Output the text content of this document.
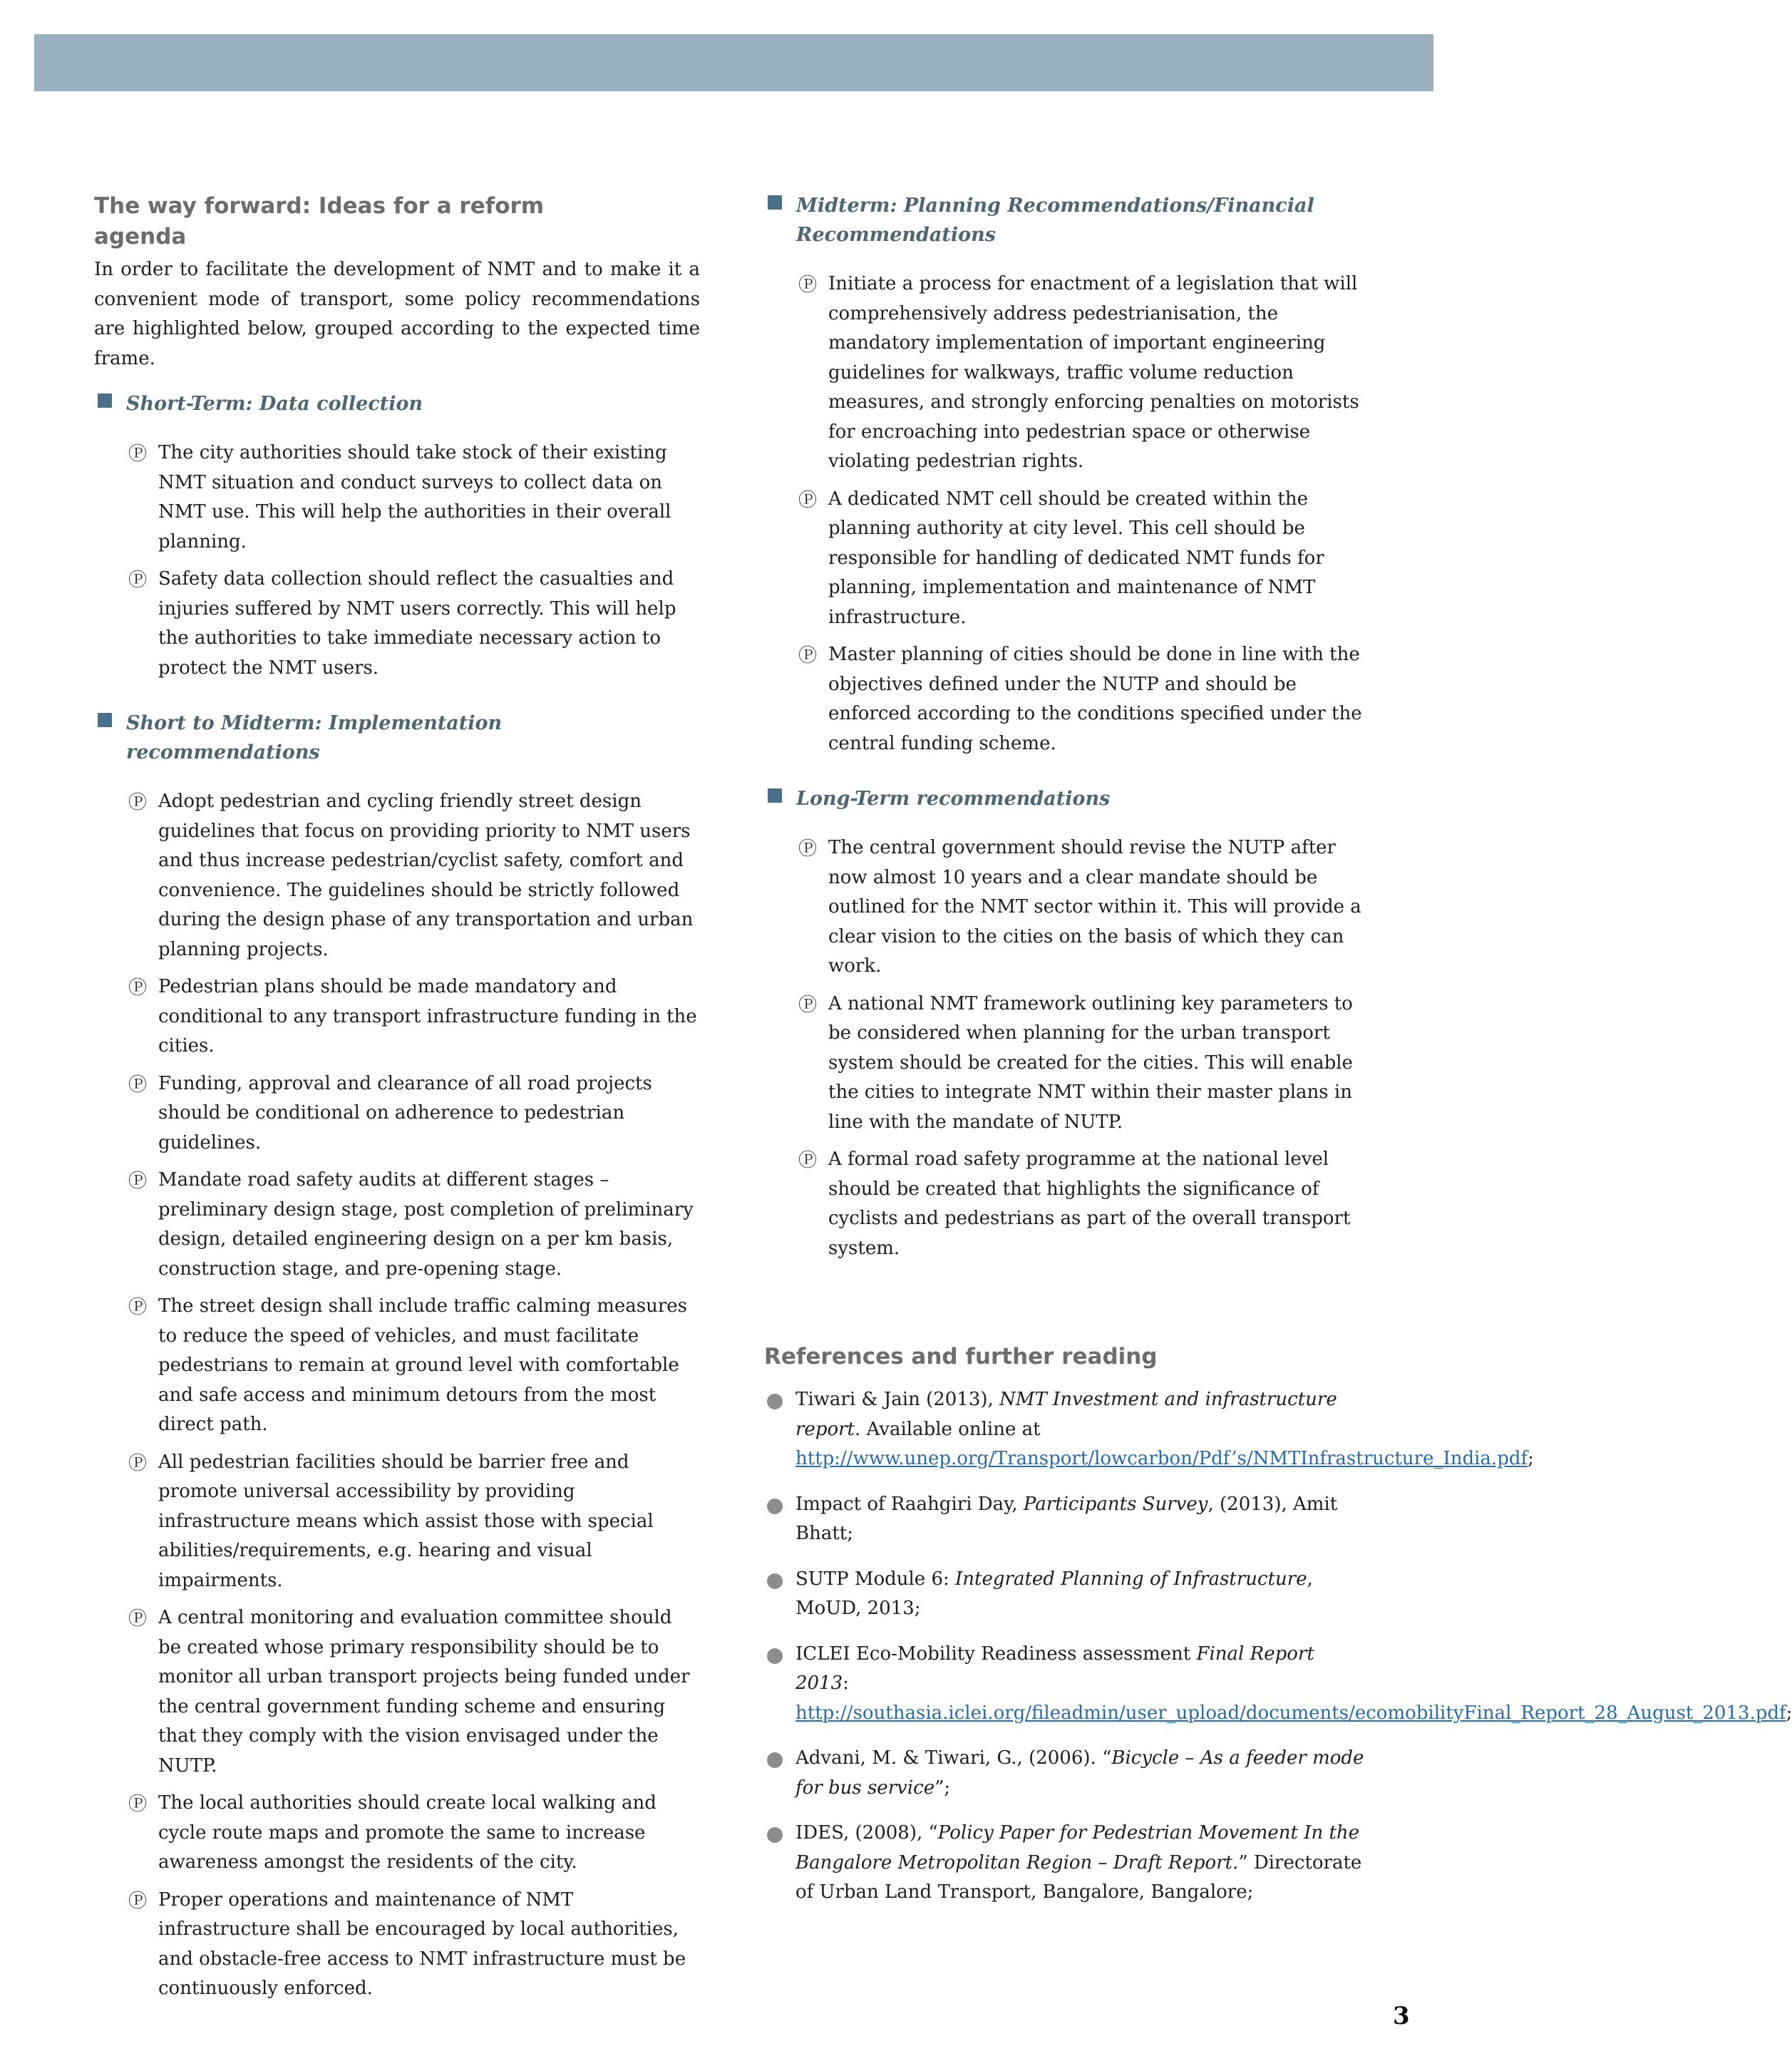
The way forward: Ideas for a reform agenda

In order to facilitate the development of NMT and to make it a convenient mode of transport, some policy recommendations are highlighted below, grouped according to the expected time frame.

Short-Term: Data collection
Ⓟ The city authorities should take stock of their existing NMT situation and conduct surveys to collect data on NMT use. This will help the authorities in their overall planning.
Ⓟ Safety data collection should reflect the casualties and injuries suffered by NMT users correctly. This will help the authorities to take immediate necessary action to protect the NMT users.
Short to Midterm: Implementation recommendations
Ⓟ Adopt pedestrian and cycling friendly street design guidelines that focus on providing priority to NMT users and thus increase pedestrian/cyclist safety, comfort and convenience. The guidelines should be strictly followed during the design phase of any transportation and urban planning projects.
Ⓟ Pedestrian plans should be made mandatory and conditional to any transport infrastructure funding in the cities.
Ⓟ Funding, approval and clearance of all road projects should be conditional on adherence to pedestrian guidelines.
Ⓟ Mandate road safety audits at different stages – preliminary design stage, post completion of preliminary design, detailed engineering design on a per km basis, construction stage, and pre-opening stage.
Ⓟ The street design shall include traffic calming measures to reduce the speed of vehicles, and must facilitate pedestrians to remain at ground level with comfortable and safe access and minimum detours from the most direct path.
Ⓟ All pedestrian facilities should be barrier free and promote universal accessibility by providing infrastructure means which assist those with special abilities/requirements, e.g. hearing and visual impairments.
Ⓟ A central monitoring and evaluation committee should be created whose primary responsibility should be to monitor all urban transport projects being funded under the central government funding scheme and ensuring that they comply with the vision envisaged under the NUTP.
Ⓟ The local authorities should create local walking and cycle route maps and promote the same to increase awareness amongst the residents of the city.
Ⓟ Proper operations and maintenance of NMT infrastructure shall be encouraged by local authorities, and obstacle-free access to NMT infrastructure must be continuously enforced.
Midterm: Planning Recommendations/Financial Recommendations
Ⓟ Initiate a process for enactment of a legislation that will comprehensively address pedestrianisation, the mandatory implementation of important engineering guidelines for walkways, traffic volume reduction measures, and strongly enforcing penalties on motorists for encroaching into pedestrian space or otherwise violating pedestrian rights.
Ⓟ A dedicated NMT cell should be created within the planning authority at city level. This cell should be responsible for handling of dedicated NMT funds for planning, implementation and maintenance of NMT infrastructure.
Ⓟ Master planning of cities should be done in line with the objectives defined under the NUTP and should be enforced according to the conditions specified under the central funding scheme.
Long-Term recommendations
Ⓟ The central government should revise the NUTP after now almost 10 years and a clear mandate should be outlined for the NMT sector within it. This will provide a clear vision to the cities on the basis of which they can work.
Ⓟ A national NMT framework outlining key parameters to be considered when planning for the urban transport system should be created for the cities. This will enable the cities to integrate NMT within their master plans in line with the mandate of NUTP.
Ⓟ A formal road safety programme at the national level should be created that highlights the significance of cyclists and pedestrians as part of the overall transport system.
References and further reading
Tiwari & Jain (2013), NMT Investment and infrastructure report. Available online at http://www.unep.org/Transport/lowcarbon/Pdf’s/NMTInfrastructure_India.pdf;
Impact of Raahgiri Day, Participants Survey, (2013), Amit Bhatt;
SUTP Module 6: Integrated Planning of Infrastructure, MoUD, 2013;
ICLEI Eco-Mobility Readiness assessment Final Report 2013: http://southasia.iclei.org/fileadmin/user_upload/documents/ecomobilityFinal_Report_28_August_2013.pdf;
Advani, M. & Tiwari, G., (2006). “Bicycle – As a feeder mode for bus service”;
IDES, (2008), “Policy Paper for Pedestrian Movement In the Bangalore Metropolitan Region – Draft Report.” Directorate of Urban Land Transport, Bangalore, Bangalore;
3
